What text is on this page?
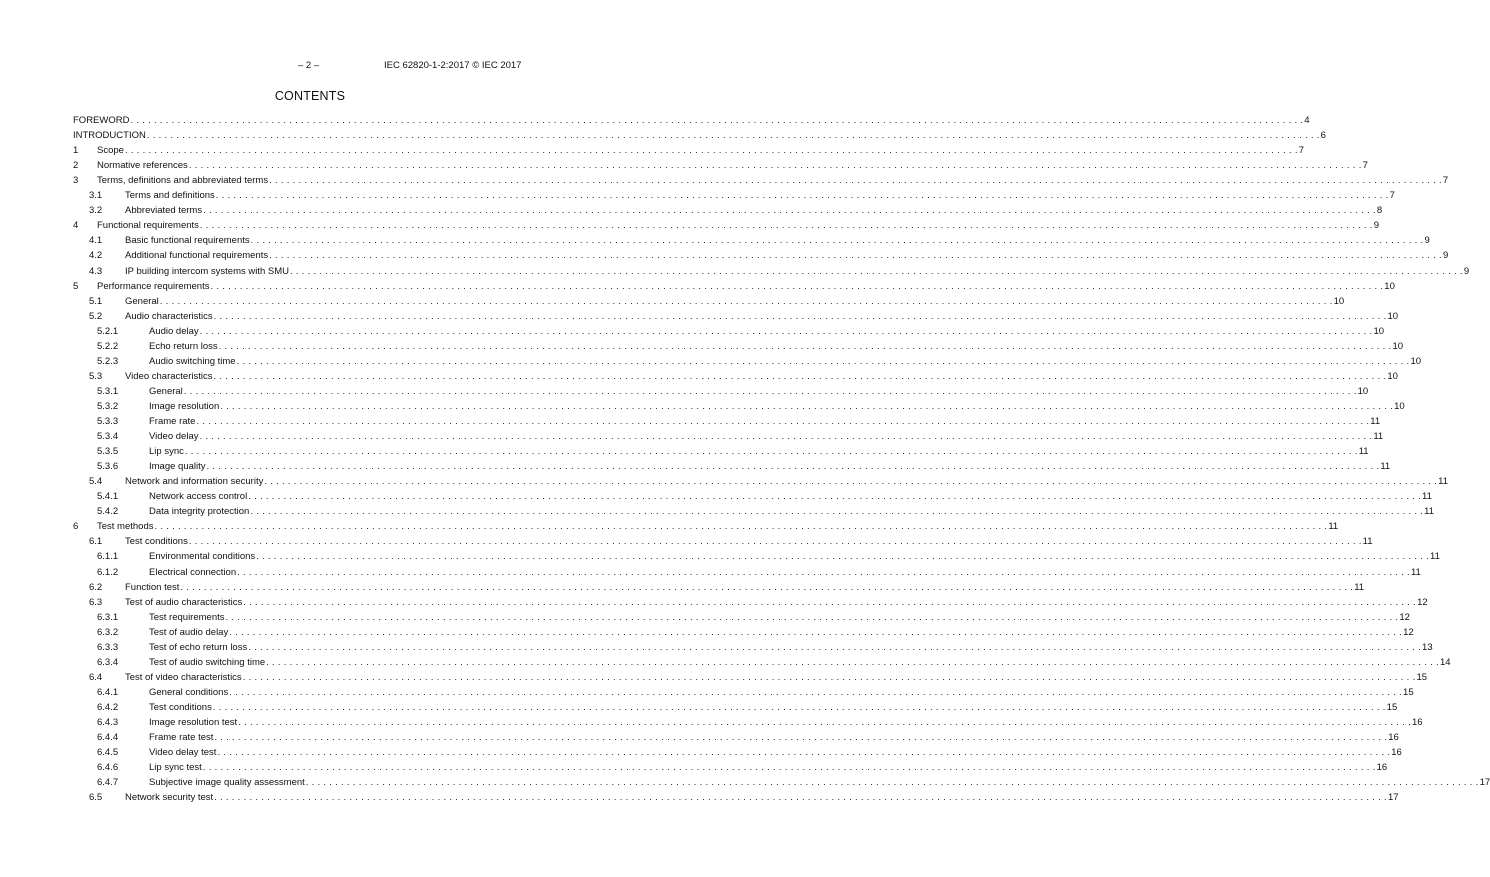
– 2 –	IEC 62820-1-2:2017 © IEC 2017
CONTENTS
FOREWORD . . . . . . . . . . . . . . . . . . . . . . . . . . . . . . . . . . . . . . . . . . . . . . . . . . . . . . . . . . . . . . . . . . . . . . . . . . . . . . . . . . . . . . . . . . . . . . . . . . . . . . . . . . . . . . . . . . . . . . . . . . . . . . . . . . . . . . . . . . . . . . . . . . . . . . . . . . . . . . . . . . . . . . . . . . . . . . . . . . . . . . . . . . . . . . . . . . . . . . . . 4
INTRODUCTION . . . . . . . . . . . . . . . . . . . . . . . . . . . . . . . . . . . . . . . . . . . . . . . . . . . . . . . . . . . . . . . . . . . . . . . . . . . . . . . . . . . . . . . . . . . . . . . . . . . . . . . . . . . . . . . . . . . . . . . . . . . . . . . . . . . . . . . . . . . . . . . . . . . . . . . . . . . . . . . . . . . . . . . . . . . . . . . . . . . . . . . . . . . . . . . . . . . . . . . . 6
1	Scope . . . . . . . . . . . . . . . . . . . . . . . . . . . . . . . . . . . . . . . . . . . . . . . . . . . . . . . . . . . . . . . . . . . . . . . . . . . . . . . . . . . . . . . . . . . . . . . . . . . . . . . . . . . . . . . . . . . . . . . . . . . . . . . . . . . . . . . . . . . . . . . . . . . . . . . . . . . . . . . . . . . . . . . . . . . . . . . . . . . . . . . . . . . . . . . . . . . . . . . . 7
2	Normative references . . . . . . . . . . . . . . . . . . . . . . . . . . . . . . . . . . . . . . . . . . . . . . . . . . . . . . . . . . . . . . . . . . . . . . . . . . . . . . . . . . . . . . . . . . . . . . . . . . . . . . . . . . . . . . . . . . . . . . . . . . . . . . . . . . . . . . . . . . . . . . . . . . . . . . . . . . . . . . . . . . . . . . . . . . . . . . . . . . . . . . . . . . . . . . . . . . . . . . . . 7
3	Terms, definitions and abbreviated terms . . . . . . . . . . . . . . . . . . . . . . . . . . . . . . . . . . . . . . . . . . . . . . . . . . . . . . . . . . . . . . . . . . . . . . . . . . . . . . . . . . . . . . . . . . . . . . . . . . . . . . . . . . . . . . . . . . . . . . . . . . . . . . . . . . . . . . . . . . . . . . . . . . . . . . . . . . . . . . . . . . . . . . . . . . . . . . . . . . . . . . . . . . . . . . . . . . . . . . . . 7
3.1	Terms and definitions . . . . . . . . . . . . . . . . . . . . . . . . . . . . . . . . . . . . . . . . . . . . . . . . . . . . . . . . . . . . . . . . . . . . . . . . . . . . . . . . . . . . . . . . . . . . . . . . . . . . . . . . . . . . . . . . . . . . . . . . . . . . . . . . . . . . . . . . . . . . . . . . . . . . . . . . . . . . . . . . . . . . . . . . . . . . . . . . . . . . . . . . . . . . . . . . . . . . . . . . 7
3.2	Abbreviated terms . . . . . . . . . . . . . . . . . . . . . . . . . . . . . . . . . . . . . . . . . . . . . . . . . . . . . . . . . . . . . . . . . . . . . . . . . . . . . . . . . . . . . . . . . . . . . . . . . . . . . . . . . . . . . . . . . . . . . . . . . . . . . . . . . . . . . . . . . . . . . . . . . . . . . . . . . . . . . . . . . . . . . . . . . . . . . . . . . . . . . . . . . . . . . . . . . . . . . . . . 8
4	Functional requirements . . . . . . . . . . . . . . . . . . . . . . . . . . . . . . . . . . . . . . . . . . . . . . . . . . . . . . . . . . . . . . . . . . . . . . . . . . . . . . . . . . . . . . . . . . . . . . . . . . . . . . . . . . . . . . . . . . . . . . . . . . . . . . . . . . . . . . . . . . . . . . . . . . . . . . . . . . . . . . . . . . . . . . . . . . . . . . . . . . . . . . . . . . . . . . . . . . . . . . . . 9
4.1	Basic functional requirements . . . . . . . . . . . . . . . . . . . . . . . . . . . . . . . . . . . . . . . . . . . . . . . . . . . . . . . . . . . . . . . . . . . . . . . . . . . . . . . . . . . . . . . . . . . . . . . . . . . . . . . . . . . . . . . . . . . . . . . . . . . . . . . . . . . . . . . . . . . . . . . . . . . . . . . . . . . . . . . . . . . . . . . . . . . . . . . . . . . . . . . . . . . . . . . . . . . . . . . . 9
4.2	Additional functional requirements . . . . . . . . . . . . . . . . . . . . . . . . . . . . . . . . . . . . . . . . . . . . . . . . . . . . . . . . . . . . . . . . . . . . . . . . . . . . . . . . . . . . . . . . . . . . . . . . . . . . . . . . . . . . . . . . . . . . . . . . . . . . . . . . . . . . . . . . . . . . . . . . . . . . . . . . . . . . . . . . . . . . . . . . . . . . . . . . . . . . . . . . . . . . . . . . . . . . . . . . 9
4.3	IP building intercom systems with SMU . . . . . . . . . . . . . . . . . . . . . . . . . . . . . . . . . . . . . . . . . . . . . . . . . . . . . . . . . . . . . . . . . . . . . . . . . . . . . . . . . . . . . . . . . . . . . . . . . . . . . . . . . . . . . . . . . . . . . . . . . . . . . . . . . . . . . . . . . . . . . . . . . . . . . . . . . . . . . . . . . . . . . . . . . . . . . . . . . . . . . . . . . . . . . . . . . . . . . . . . 9
5	Performance requirements . . . . . . . . . . . . . . . . . . . . . . . . . . . . . . . . . . . . . . . . . . . . . . . . . . . . . . . . . . . . . . . . . . . . . . . . . . . . . . . . . . . . . . . . . . . . . . . . . . . . . . . . . . . . . . . . . . . . . . . . . . . . . . . . . . . . . . . . . . . . . . . . . . . . . . . . . . . . . . . . . . . . . . . . . . . . . . . . . . . . . . . . . . . . . . . . . . . . . . . . 10
5.1	General . . . . . . . . . . . . . . . . . . . . . . . . . . . . . . . . . . . . . . . . . . . . . . . . . . . . . . . . . . . . . . . . . . . . . . . . . . . . . . . . . . . . . . . . . . . . . . . . . . . . . . . . . . . . . . . . . . . . . . . . . . . . . . . . . . . . . . . . . . . . . . . . . . . . . . . . . . . . . . . . . . . . . . . . . . . . . . . . . . . . . . . . . . . . . . . . . . . . . . . . 10
5.2	Audio characteristics . . . . . . . . . . . . . . . . . . . . . . . . . . . . . . . . . . . . . . . . . . . . . . . . . . . . . . . . . . . . . . . . . . . . . . . . . . . . . . . . . . . . . . . . . . . . . . . . . . . . . . . . . . . . . . . . . . . . . . . . . . . . . . . . . . . . . . . . . . . . . . . . . . . . . . . . . . . . . . . . . . . . . . . . . . . . . . . . . . . . . . . . . . . . . . . . . . . . . . . . 10
5.2.1	Audio delay . . . . . . . . . . . . . . . . . . . . . . . . . . . . . . . . . . . . . . . . . . . . . . . . . . . . . . . . . . . . . . . . . . . . . . . . . . . . . . . . . . . . . . . . . . . . . . . . . . . . . . . . . . . . . . . . . . . . . . . . . . . . . . . . . . . . . . . . . . . . . . . . . . . . . . . . . . . . . . . . . . . . . . . . . . . . . . . . . . . . . . . . . . . . . . . . . . . . . . . . 10
5.2.2	Echo return loss . . . . . . . . . . . . . . . . . . . . . . . . . . . . . . . . . . . . . . . . . . . . . . . . . . . . . . . . . . . . . . . . . . . . . . . . . . . . . . . . . . . . . . . . . . . . . . . . . . . . . . . . . . . . . . . . . . . . . . . . . . . . . . . . . . . . . . . . . . . . . . . . . . . . . . . . . . . . . . . . . . . . . . . . . . . . . . . . . . . . . . . . . . . . . . . . . . . . . . . . 10
5.2.3	Audio switching time . . . . . . . . . . . . . . . . . . . . . . . . . . . . . . . . . . . . . . . . . . . . . . . . . . . . . . . . . . . . . . . . . . . . . . . . . . . . . . . . . . . . . . . . . . . . . . . . . . . . . . . . . . . . . . . . . . . . . . . . . . . . . . . . . . . . . . . . . . . . . . . . . . . . . . . . . . . . . . . . . . . . . . . . . . . . . . . . . . . . . . . . . . . . . . . . . . . . . . . . 10
5.3	Video characteristics . . . . . . . . . . . . . . . . . . . . . . . . . . . . . . . . . . . . . . . . . . . . . . . . . . . . . . . . . . . . . . . . . . . . . . . . . . . . . . . . . . . . . . . . . . . . . . . . . . . . . . . . . . . . . . . . . . . . . . . . . . . . . . . . . . . . . . . . . . . . . . . . . . . . . . . . . . . . . . . . . . . . . . . . . . . . . . . . . . . . . . . . . . . . . . . . . . . . . . . . 10
5.3.1	General . . . . . . . . . . . . . . . . . . . . . . . . . . . . . . . . . . . . . . . . . . . . . . . . . . . . . . . . . . . . . . . . . . . . . . . . . . . . . . . . . . . . . . . . . . . . . . . . . . . . . . . . . . . . . . . . . . . . . . . . . . . . . . . . . . . . . . . . . . . . . . . . . . . . . . . . . . . . . . . . . . . . . . . . . . . . . . . . . . . . . . . . . . . . . . . . . . . . . . . . 10
5.3.2	Image resolution . . . . . . . . . . . . . . . . . . . . . . . . . . . . . . . . . . . . . . . . . . . . . . . . . . . . . . . . . . . . . . . . . . . . . . . . . . . . . . . . . . . . . . . . . . . . . . . . . . . . . . . . . . . . . . . . . . . . . . . . . . . . . . . . . . . . . . . . . . . . . . . . . . . . . . . . . . . . . . . . . . . . . . . . . . . . . . . . . . . . . . . . . . . . . . . . . . . . . . . . 10
5.3.3	Frame rate . . . . . . . . . . . . . . . . . . . . . . . . . . . . . . . . . . . . . . . . . . . . . . . . . . . . . . . . . . . . . . . . . . . . . . . . . . . . . . . . . . . . . . . . . . . . . . . . . . . . . . . . . . . . . . . . . . . . . . . . . . . . . . . . . . . . . . . . . . . . . . . . . . . . . . . . . . . . . . . . . . . . . . . . . . . . . . . . . . . . . . . . . . . . . . . . . . . . . . . . 11
5.3.4	Video delay . . . . . . . . . . . . . . . . . . . . . . . . . . . . . . . . . . . . . . . . . . . . . . . . . . . . . . . . . . . . . . . . . . . . . . . . . . . . . . . . . . . . . . . . . . . . . . . . . . . . . . . . . . . . . . . . . . . . . . . . . . . . . . . . . . . . . . . . . . . . . . . . . . . . . . . . . . . . . . . . . . . . . . . . . . . . . . . . . . . . . . . . . . . . . . . . . . . . . . . . 11
5.3.5	Lip sync . . . . . . . . . . . . . . . . . . . . . . . . . . . . . . . . . . . . . . . . . . . . . . . . . . . . . . . . . . . . . . . . . . . . . . . . . . . . . . . . . . . . . . . . . . . . . . . . . . . . . . . . . . . . . . . . . . . . . . . . . . . . . . . . . . . . . . . . . . . . . . . . . . . . . . . . . . . . . . . . . . . . . . . . . . . . . . . . . . . . . . . . . . . . . . . . . . . . . . . . 11
5.3.6	Image quality . . . . . . . . . . . . . . . . . . . . . . . . . . . . . . . . . . . . . . . . . . . . . . . . . . . . . . . . . . . . . . . . . . . . . . . . . . . . . . . . . . . . . . . . . . . . . . . . . . . . . . . . . . . . . . . . . . . . . . . . . . . . . . . . . . . . . . . . . . . . . . . . . . . . . . . . . . . . . . . . . . . . . . . . . . . . . . . . . . . . . . . . . . . . . . . . . . . . . . . . 11
5.4	Network and information security . . . . . . . . . . . . . . . . . . . . . . . . . . . . . . . . . . . . . . . . . . . . . . . . . . . . . . . . . . . . . . . . . . . . . . . . . . . . . . . . . . . . . . . . . . . . . . . . . . . . . . . . . . . . . . . . . . . . . . . . . . . . . . . . . . . . . . . . . . . . . . . . . . . . . . . . . . . . . . . . . . . . . . . . . . . . . . . . . . . . . . . . . . . . . . . . . . . . . . . . 11
5.4.1	Network access control . . . . . . . . . . . . . . . . . . . . . . . . . . . . . . . . . . . . . . . . . . . . . . . . . . . . . . . . . . . . . . . . . . . . . . . . . . . . . . . . . . . . . . . . . . . . . . . . . . . . . . . . . . . . . . . . . . . . . . . . . . . . . . . . . . . . . . . . . . . . . . . . . . . . . . . . . . . . . . . . . . . . . . . . . . . . . . . . . . . . . . . . . . . . . . . . . . . . . . . . 11
5.4.2	Data integrity protection . . . . . . . . . . . . . . . . . . . . . . . . . . . . . . . . . . . . . . . . . . . . . . . . . . . . . . . . . . . . . . . . . . . . . . . . . . . . . . . . . . . . . . . . . . . . . . . . . . . . . . . . . . . . . . . . . . . . . . . . . . . . . . . . . . . . . . . . . . . . . . . . . . . . . . . . . . . . . . . . . . . . . . . . . . . . . . . . . . . . . . . . . . . . . . . . . . . . . . . . 11
6	Test methods . . . . . . . . . . . . . . . . . . . . . . . . . . . . . . . . . . . . . . . . . . . . . . . . . . . . . . . . . . . . . . . . . . . . . . . . . . . . . . . . . . . . . . . . . . . . . . . . . . . . . . . . . . . . . . . . . . . . . . . . . . . . . . . . . . . . . . . . . . . . . . . . . . . . . . . . . . . . . . . . . . . . . . . . . . . . . . . . . . . . . . . . . . . . . . . . . . . . . . . . 11
6.1	Test conditions . . . . . . . . . . . . . . . . . . . . . . . . . . . . . . . . . . . . . . . . . . . . . . . . . . . . . . . . . . . . . . . . . . . . . . . . . . . . . . . . . . . . . . . . . . . . . . . . . . . . . . . . . . . . . . . . . . . . . . . . . . . . . . . . . . . . . . . . . . . . . . . . . . . . . . . . . . . . . . . . . . . . . . . . . . . . . . . . . . . . . . . . . . . . . . . . . . . . . . . . 11
6.1.1	Environmental conditions . . . . . . . . . . . . . . . . . . . . . . . . . . . . . . . . . . . . . . . . . . . . . . . . . . . . . . . . . . . . . . . . . . . . . . . . . . . . . . . . . . . . . . . . . . . . . . . . . . . . . . . . . . . . . . . . . . . . . . . . . . . . . . . . . . . . . . . . . . . . . . . . . . . . . . . . . . . . . . . . . . . . . . . . . . . . . . . . . . . . . . . . . . . . . . . . . . . . . . . . 11
6.1.2	Electrical connection . . . . . . . . . . . . . . . . . . . . . . . . . . . . . . . . . . . . . . . . . . . . . . . . . . . . . . . . . . . . . . . . . . . . . . . . . . . . . . . . . . . . . . . . . . . . . . . . . . . . . . . . . . . . . . . . . . . . . . . . . . . . . . . . . . . . . . . . . . . . . . . . . . . . . . . . . . . . . . . . . . . . . . . . . . . . . . . . . . . . . . . . . . . . . . . . . . . . . . . . 11
6.2	Function test . . . . . . . . . . . . . . . . . . . . . . . . . . . . . . . . . . . . . . . . . . . . . . . . . . . . . . . . . . . . . . . . . . . . . . . . . . . . . . . . . . . . . . . . . . . . . . . . . . . . . . . . . . . . . . . . . . . . . . . . . . . . . . . . . . . . . . . . . . . . . . . . . . . . . . . . . . . . . . . . . . . . . . . . . . . . . . . . . . . . . . . . . . . . . . . . . . . . . . . . 11
6.3	Test of audio characteristics . . . . . . . . . . . . . . . . . . . . . . . . . . . . . . . . . . . . . . . . . . . . . . . . . . . . . . . . . . . . . . . . . . . . . . . . . . . . . . . . . . . . . . . . . . . . . . . . . . . . . . . . . . . . . . . . . . . . . . . . . . . . . . . . . . . . . . . . . . . . . . . . . . . . . . . . . . . . . . . . . . . . . . . . . . . . . . . . . . . . . . . . . . . . . . . . . . . . . . . . 12
6.3.1	Test requirements . . . . . . . . . . . . . . . . . . . . . . . . . . . . . . . . . . . . . . . . . . . . . . . . . . . . . . . . . . . . . . . . . . . . . . . . . . . . . . . . . . . . . . . . . . . . . . . . . . . . . . . . . . . . . . . . . . . . . . . . . . . . . . . . . . . . . . . . . . . . . . . . . . . . . . . . . . . . . . . . . . . . . . . . . . . . . . . . . . . . . . . . . . . . . . . . . . . . . . . . 12
6.3.2	Test of audio delay . . . . . . . . . . . . . . . . . . . . . . . . . . . . . . . . . . . . . . . . . . . . . . . . . . . . . . . . . . . . . . . . . . . . . . . . . . . . . . . . . . . . . . . . . . . . . . . . . . . . . . . . . . . . . . . . . . . . . . . . . . . . . . . . . . . . . . . . . . . . . . . . . . . . . . . . . . . . . . . . . . . . . . . . . . . . . . . . . . . . . . . . . . . . . . . . . . . . . . . . 12
6.3.3	Test of echo return loss . . . . . . . . . . . . . . . . . . . . . . . . . . . . . . . . . . . . . . . . . . . . . . . . . . . . . . . . . . . . . . . . . . . . . . . . . . . . . . . . . . . . . . . . . . . . . . . . . . . . . . . . . . . . . . . . . . . . . . . . . . . . . . . . . . . . . . . . . . . . . . . . . . . . . . . . . . . . . . . . . . . . . . . . . . . . . . . . . . . . . . . . . . . . . . . . . . . . . . . . 13
6.3.4	Test of audio switching time . . . . . . . . . . . . . . . . . . . . . . . . . . . . . . . . . . . . . . . . . . . . . . . . . . . . . . . . . . . . . . . . . . . . . . . . . . . . . . . . . . . . . . . . . . . . . . . . . . . . . . . . . . . . . . . . . . . . . . . . . . . . . . . . . . . . . . . . . . . . . . . . . . . . . . . . . . . . . . . . . . . . . . . . . . . . . . . . . . . . . . . . . . . . . . . . . . . . . . . . 14
6.4	Test of video characteristics . . . . . . . . . . . . . . . . . . . . . . . . . . . . . . . . . . . . . . . . . . . . . . . . . . . . . . . . . . . . . . . . . . . . . . . . . . . . . . . . . . . . . . . . . . . . . . . . . . . . . . . . . . . . . . . . . . . . . . . . . . . . . . . . . . . . . . . . . . . . . . . . . . . . . . . . . . . . . . . . . . . . . . . . . . . . . . . . . . . . . . . . . . . . . . . . . . . . . . . . 15
6.4.1	General conditions . . . . . . . . . . . . . . . . . . . . . . . . . . . . . . . . . . . . . . . . . . . . . . . . . . . . . . . . . . . . . . . . . . . . . . . . . . . . . . . . . . . . . . . . . . . . . . . . . . . . . . . . . . . . . . . . . . . . . . . . . . . . . . . . . . . . . . . . . . . . . . . . . . . . . . . . . . . . . . . . . . . . . . . . . . . . . . . . . . . . . . . . . . . . . . . . . . . . . . . . 15
6.4.2	Test conditions . . . . . . . . . . . . . . . . . . . . . . . . . . . . . . . . . . . . . . . . . . . . . . . . . . . . . . . . . . . . . . . . . . . . . . . . . . . . . . . . . . . . . . . . . . . . . . . . . . . . . . . . . . . . . . . . . . . . . . . . . . . . . . . . . . . . . . . . . . . . . . . . . . . . . . . . . . . . . . . . . . . . . . . . . . . . . . . . . . . . . . . . . . . . . . . . . . . . . . . . 15
6.4.3	Image resolution test . . . . . . . . . . . . . . . . . . . . . . . . . . . . . . . . . . . . . . . . . . . . . . . . . . . . . . . . . . . . . . . . . . . . . . . . . . . . . . . . . . . . . . . . . . . . . . . . . . . . . . . . . . . . . . . . . . . . . . . . . . . . . . . . . . . . . . . . . . . . . . . . . . . . . . . . . . . . . . . . . . . . . . . . . . . . . . . . . . . . . . . . . . . . . . . . . . . . . . . . 16
6.4.4	Frame rate test . . . . . . . . . . . . . . . . . . . . . . . . . . . . . . . . . . . . . . . . . . . . . . . . . . . . . . . . . . . . . . . . . . . . . . . . . . . . . . . . . . . . . . . . . . . . . . . . . . . . . . . . . . . . . . . . . . . . . . . . . . . . . . . . . . . . . . . . . . . . . . . . . . . . . . . . . . . . . . . . . . . . . . . . . . . . . . . . . . . . . . . . . . . . . . . . . . . . . . . . 16
6.4.5	Video delay test . . . . . . . . . . . . . . . . . . . . . . . . . . . . . . . . . . . . . . . . . . . . . . . . . . . . . . . . . . . . . . . . . . . . . . . . . . . . . . . . . . . . . . . . . . . . . . . . . . . . . . . . . . . . . . . . . . . . . . . . . . . . . . . . . . . . . . . . . . . . . . . . . . . . . . . . . . . . . . . . . . . . . . . . . . . . . . . . . . . . . . . . . . . . . . . . . . . . . . . . 16
6.4.6	Lip sync test . . . . . . . . . . . . . . . . . . . . . . . . . . . . . . . . . . . . . . . . . . . . . . . . . . . . . . . . . . . . . . . . . . . . . . . . . . . . . . . . . . . . . . . . . . . . . . . . . . . . . . . . . . . . . . . . . . . . . . . . . . . . . . . . . . . . . . . . . . . . . . . . . . . . . . . . . . . . . . . . . . . . . . . . . . . . . . . . . . . . . . . . . . . . . . . . . . . . . . . . 16
6.4.7	Subjective image quality assessment . . . . . . . . . . . . . . . . . . . . . . . . . . . . . . . . . . . . . . . . . . . . . . . . . . . . . . . . . . . . . . . . . . . . . . . . . . . . . . . . . . . . . . . . . . . . . . . . . . . . . . . . . . . . . . . . . . . . . . . . . . . . . . . . . . . . . . . . . . . . . . . . . . . . . . . . . . . . . . . . . . . . . . . . . . . . . . . . . . . . . . . . . . . . . . . . . . . . . . . . 17
6.5	Network security test . . . . . . . . . . . . . . . . . . . . . . . . . . . . . . . . . . . . . . . . . . . . . . . . . . . . . . . . . . . . . . . . . . . . . . . . . . . . . . . . . . . . . . . . . . . . . . . . . . . . . . . . . . . . . . . . . . . . . . . . . . . . . . . . . . . . . . . . . . . . . . . . . . . . . . . . . . . . . . . . . . . . . . . . . . . . . . . . . . . . . . . . . . . . . . . . . . . . . . . . 17
